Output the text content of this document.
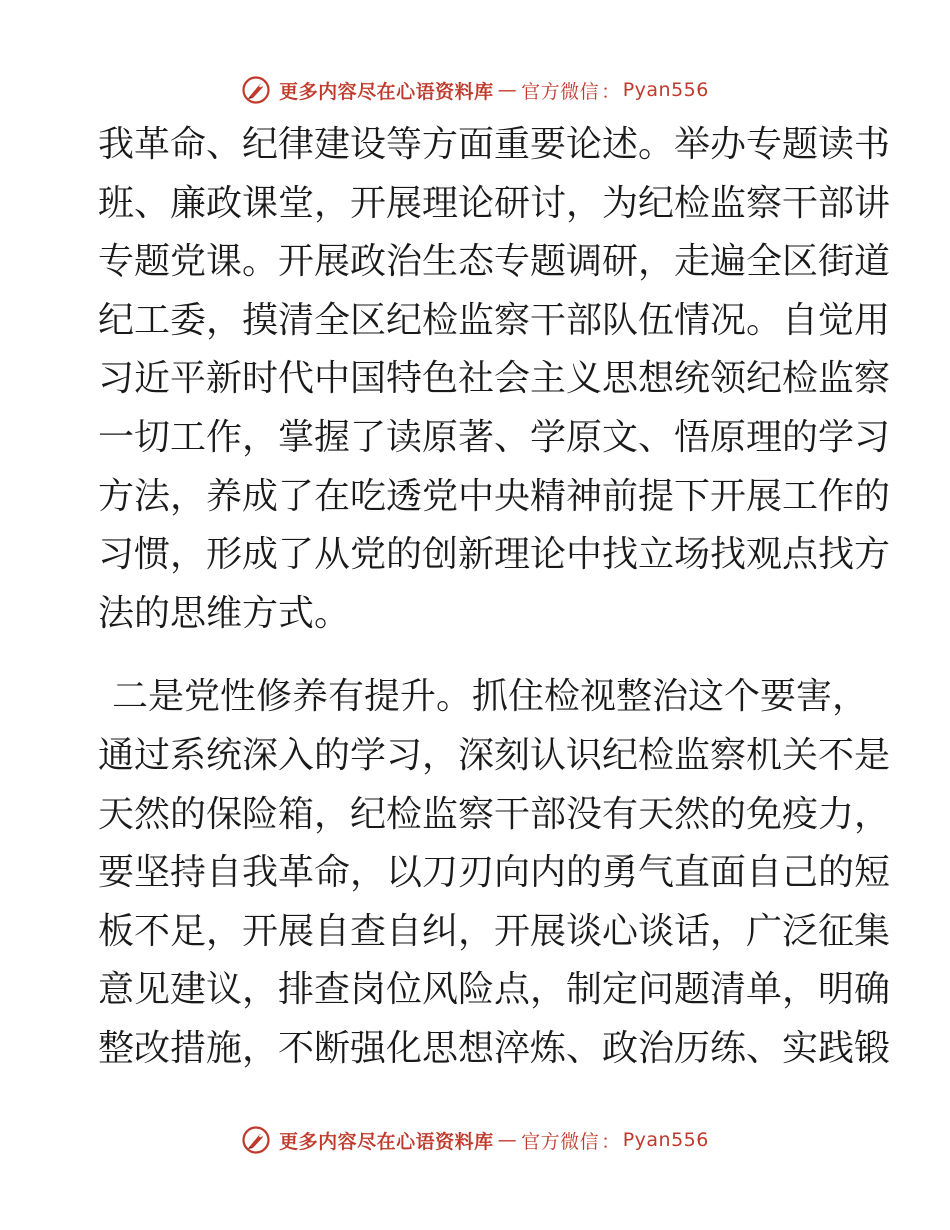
更多内容尽在心语资料库 — 官方微信 ： Pyan556
我革命、纪律建设等方面重要论述。举办专题读书
班、廉政课堂，开展理论研讨，为纪检监察干部讲
专题党课。开展政治生态专题调研，走遍全区街道
纪工委，摸清全区纪检监察干部队伍情况。自觉用
习近平新时代中国特色社会主义思想统领纪检监察
一切工作，掌握了读原著、学原文、悟原理的学习
方法，养成了在吃透党中央精神前提下开展工作的
习惯，形成了从党的创新理论中找立场找观点找方
法的思维方式。
二是党性修养有提升。抓住检视整治这个要害，
通过系统深入的学习，深刻认识纪检监察机关不是
天然的保险箱，纪检监察干部没有天然的免疫力，
要坚持自我革命，以刀刃向内的勇气直面自己的短
板不足，开展自查自纠，开展谈心谈话，广泛征集
意见建议，排查岗位风险点，制定问题清单，明确
整改措施，不断强化思想淬炼、政治历练、实践锻
更多内容尽在心语资料库 — 官方微信 ： Pyan556
